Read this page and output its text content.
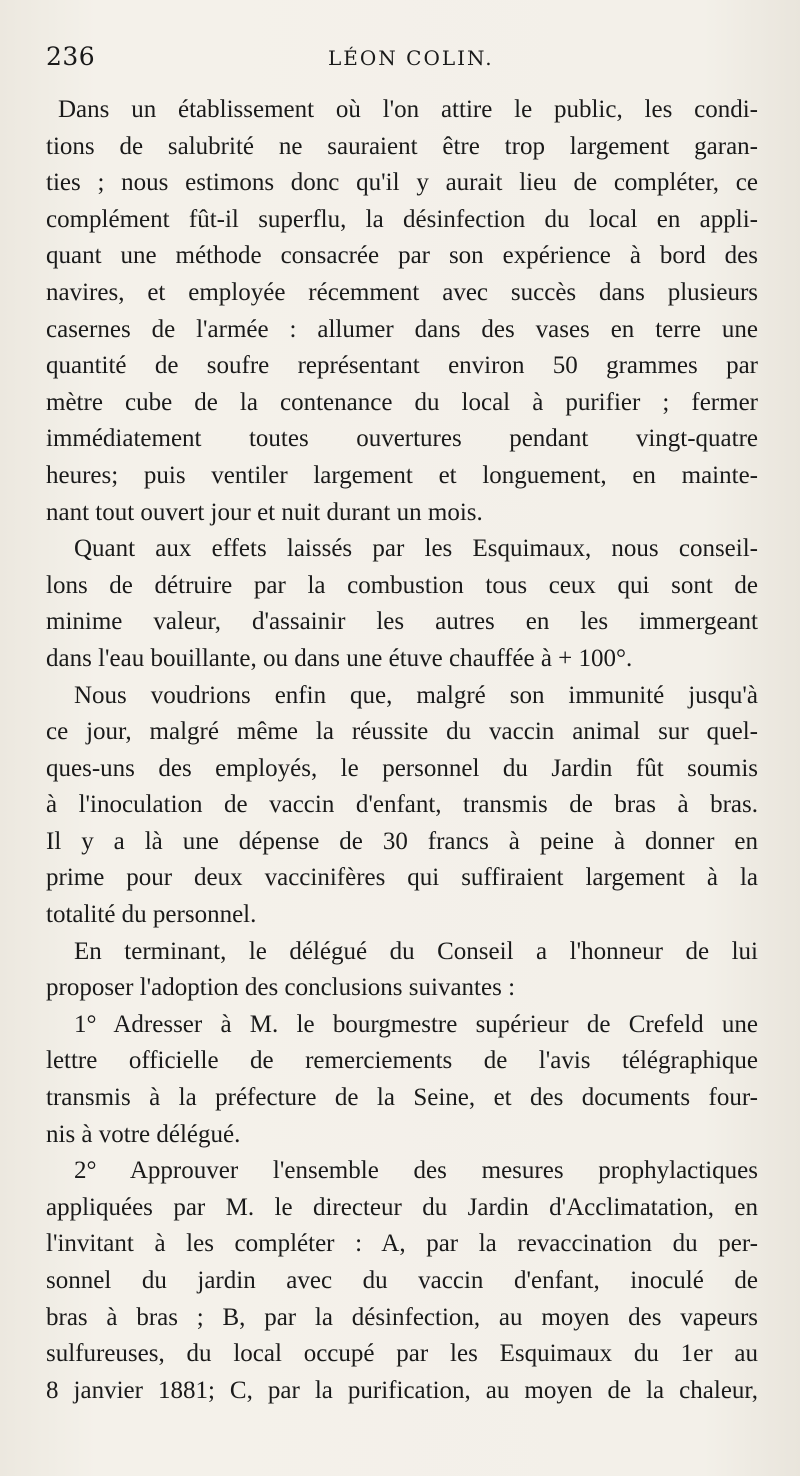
236	LÉON COLIN.

Dans un établissement où l'on attire le public, les condi-
tions de salubrité ne sauraient être trop largement garan-
ties ; nous estimons donc qu'il y aurait lieu de compléter, ce
complément fût-il superflu, la désinfection du local en appli-
quant une méthode consacrée par son expérience à bord des
navires, et employée récemment avec succès dans plusieurs
casernes de l'armée : allumer dans des vases en terre une
quantité de soufre représentant environ 50 grammes par
mètre cube de la contenance du local à purifier ; fermer
immédiatement toutes ouvertures pendant vingt-quatre
heures; puis ventiler largement et longuement, en mainte-
nant tout ouvert jour et nuit durant un mois.

Quant aux effets laissés par les Esquimaux, nous conseil-
lons de détruire par la combustion tous ceux qui sont de
minime valeur, d'assainir les autres en les immergeant
dans l'eau bouillante, ou dans une étuve chauffée à + 100°.

Nous voudrions enfin que, malgré son immunité jusqu'à
ce jour, malgré même la réussite du vaccin animal sur quel-
ques-uns des employés, le personnel du Jardin fût soumis
à l'inoculation de vaccin d'enfant, transmis de bras à bras.
Il y a là une dépense de 30 francs à peine à donner en
prime pour deux vaccinifères qui suffiraient largement à la
totalité du personnel.

En terminant, le délégué du Conseil a l'honneur de lui
proposer l'adoption des conclusions suivantes :

1° Adresser à M. le bourgmestre supérieur de Crefeld une
lettre officielle de remerciements de l'avis télégraphique
transmis à la préfecture de la Seine, et des documents four-
nis à votre délégué.

2° Approuver l'ensemble des mesures prophylactiques
appliquées par M. le directeur du Jardin d'Acclimatation, en
l'invitant à les compléter : A, par la revaccination du per-
sonnel du jardin avec du vaccin d'enfant, inoculé de
bras à bras ; B, par la désinfection, au moyen des vapeurs
sulfureuses, du local occupé par les Esquimaux du 1er au
8 janvier 1881; C, par la purification, au moyen de la chaleur,
